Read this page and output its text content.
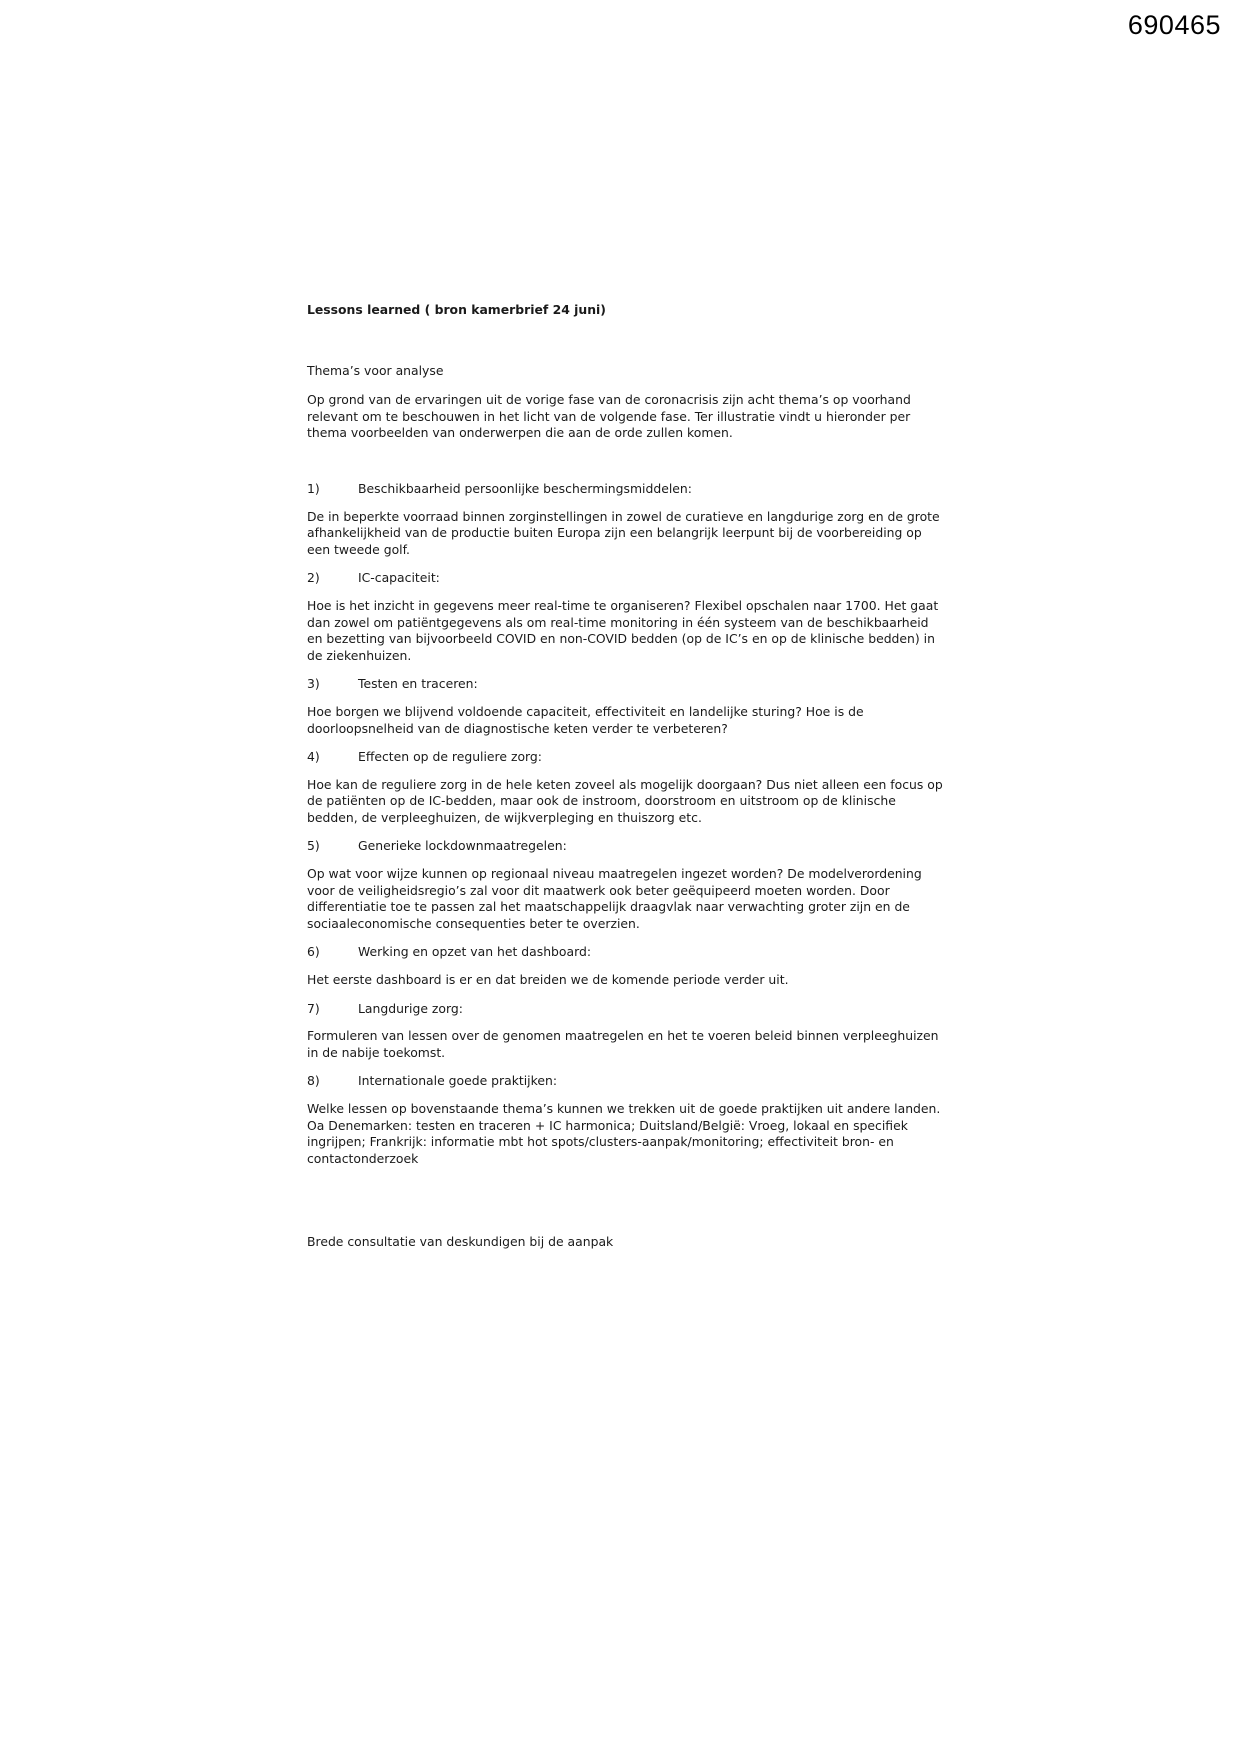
690465

Lessons learned ( bron kamerbrief 24 juni)

Thema’s voor analyse

Op grond van de ervaringen uit de vorige fase van de coronacrisis zijn acht thema’s op voorhand relevant om te beschouwen in het licht van de volgende fase. Ter illustratie vindt u hieronder per thema voorbeelden van onderwerpen die aan de orde zullen komen.

1)	Beschikbaarheid persoonlijke beschermingsmiddelen:

De in beperkte voorraad binnen zorginstellingen in zowel de curatieve en langdurige zorg en de grote afhankelijkheid van de productie buiten Europa zijn een belangrijk leerpunt bij de voorbereiding op een tweede golf.

2)	IC-capaciteit:

Hoe is het inzicht in gegevens meer real-time te organiseren? Flexibel opschalen naar 1700. Het gaat dan zowel om patiëntgegevens als om real-time monitoring in één systeem van de beschikbaarheid en bezetting van bijvoorbeeld COVID en non-COVID bedden (op de IC’s en op de klinische bedden) in de ziekenhuizen.

3)	Testen en traceren:

Hoe borgen we blijvend voldoende capaciteit, effectiviteit en landelijke sturing? Hoe is de doorloopsnelheid van de diagnostische keten verder te verbeteren?

4)	Effecten op de reguliere zorg:

Hoe kan de reguliere zorg in de hele keten zoveel als mogelijk doorgaan? Dus niet alleen een focus op de patiënten op de IC-bedden, maar ook de instroom, doorstroom en uitstroom op de klinische bedden, de verpleeghuizen, de wijkverpleging en thuiszorg etc.

5)	Generieke lockdownmaatregelen:

Op wat voor wijze kunnen op regionaal niveau maatregelen ingezet worden? De modelverordening voor de veiligheidsregio’s zal voor dit maatwerk ook beter geëquipeerd moeten worden. Door differentiatie toe te passen zal het maatschappelijk draagvlak naar verwachting groter zijn en de sociaaleconomische consequenties beter te overzien.

6)	Werking en opzet van het dashboard:

Het eerste dashboard is er en dat breiden we de komende periode verder uit.

7)	Langdurige zorg:

Formuleren van lessen over de genomen maatregelen en het te voeren beleid binnen verpleeghuizen in de nabije toekomst.

8)	Internationale goede praktijken:

Welke lessen op bovenstaande thema’s kunnen we trekken uit de goede praktijken uit andere landen. Oa Denemarken: testen en traceren + IC harmonica; Duitsland/België: Vroeg, lokaal en specifiek ingrijpen; Frankrijk: informatie mbt hot spots/clusters-aanpak/monitoring; effectiviteit bron- en contactonderzoek

Brede consultatie van deskundigen bij de aanpak
